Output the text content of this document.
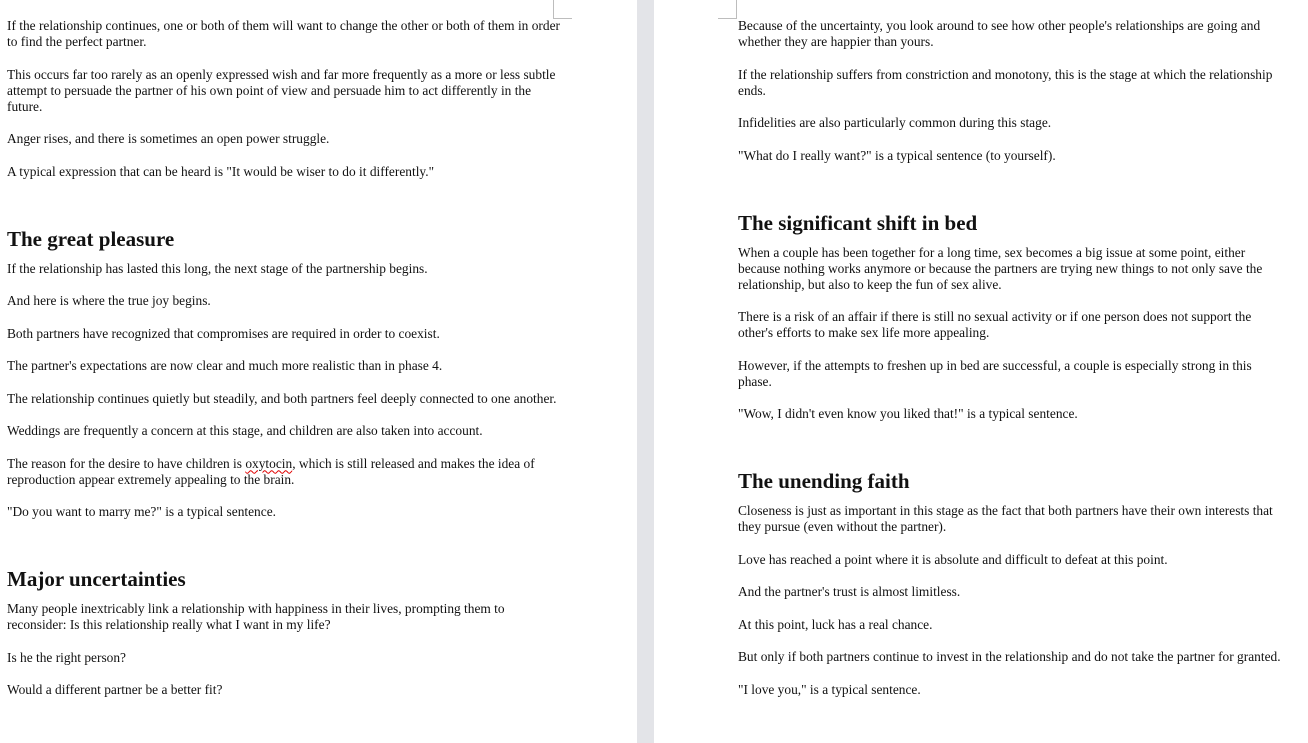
If the relationship continues, one or both of them will want to change the other or both of them in order to find the perfect partner.

This occurs far too rarely as an openly expressed wish and far more frequently as a more or less subtle attempt to persuade the partner of his own point of view and persuade him to act differently in the future.

Anger rises, and there is sometimes an open power struggle.

A typical expression that can be heard is "It would be wiser to do it differently."

The great pleasure

If the relationship has lasted this long, the next stage of the partnership begins.

And here is where the true joy begins.

Both partners have recognized that compromises are required in order to coexist.

The partner's expectations are now clear and much more realistic than in phase 4.

The relationship continues quietly but steadily, and both partners feel deeply connected to one another.

Weddings are frequently a concern at this stage, and children are also taken into account.

The reason for the desire to have children is oxytocin, which is still released and makes the idea of reproduction appear extremely appealing to the brain.

"Do you want to marry me?" is a typical sentence.

Major uncertainties

Many people inextricably link a relationship with happiness in their lives, prompting them to reconsider: Is this relationship really what I want in my life?

Is he the right person?

Would a different partner be a better fit?

Because of the uncertainty, you look around to see how other people's relationships are going and whether they are happier than yours.

If the relationship suffers from constriction and monotony, this is the stage at which the relationship ends.

Infidelities are also particularly common during this stage.

"What do I really want?" is a typical sentence (to yourself).

The significant shift in bed

When a couple has been together for a long time, sex becomes a big issue at some point, either because nothing works anymore or because the partners are trying new things to not only save the relationship, but also to keep the fun of sex alive.

There is a risk of an affair if there is still no sexual activity or if one person does not support the other's efforts to make sex life more appealing.

However, if the attempts to freshen up in bed are successful, a couple is especially strong in this phase.

"Wow, I didn't even know you liked that!" is a typical sentence.

The unending faith

Closeness is just as important in this stage as the fact that both partners have their own interests that they pursue (even without the partner).

Love has reached a point where it is absolute and difficult to defeat at this point.

And the partner's trust is almost limitless.

At this point, luck has a real chance.

But only if both partners continue to invest in the relationship and do not take the partner for granted.

"I love you," is a typical sentence.
